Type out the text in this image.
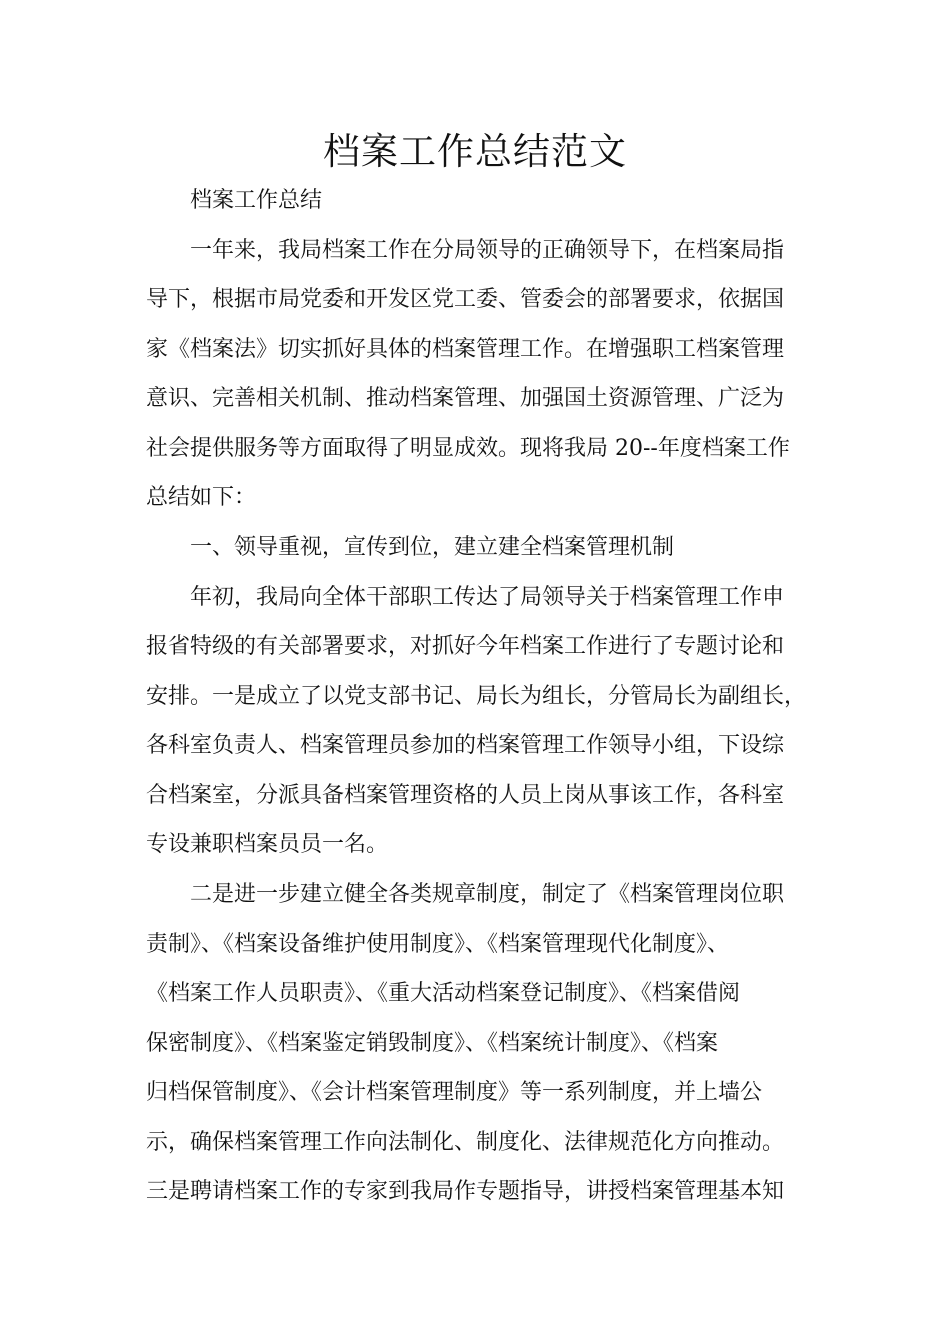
档案工作总结范文
档案工作总结
一年来，我局档案工作在分局领导的正确领导下，在档案局指
导下，根据市局党委和开发区党工委、管委会的部署要求，依据国
家《档案法》切实抓好具体的档案管理工作。在增强职工档案管理
意识、完善相关机制、推动档案管理、加强国土资源管理、广泛为
社会提供服务等方面取得了明显成效。现将我局 20--年度档案工作
总结如下：
一、领导重视，宣传到位，建立建全档案管理机制
年初，我局向全体干部职工传达了局领导关于档案管理工作申
报省特级的有关部署要求，对抓好今年档案工作进行了专题讨论和
安排。一是成立了以党支部书记、局长为组长，分管局长为副组长，
各科室负责人、档案管理员参加的档案管理工作领导小组，下设综
合档案室，分派具备档案管理资格的人员上岗从事该工作，各科室
专设兼职档案员员一名。
二是进一步建立健全各类规章制度，制定了《档案管理岗位职
责制》、《档案设备维护使用制度》、《档案管理现代化制度》、
《档案工作人员职责》、《重大活动档案登记制度》、《档案借阅
保密制度》、《档案鉴定销毁制度》、《档案统计制度》、《档案
归档保管制度》、《会计档案管理制度》等一系列制度，并上墙公
示，确保档案管理工作向法制化、制度化、法律规范化方向推动。
三是聘请档案工作的专家到我局作专题指导，讲授档案管理基本知
